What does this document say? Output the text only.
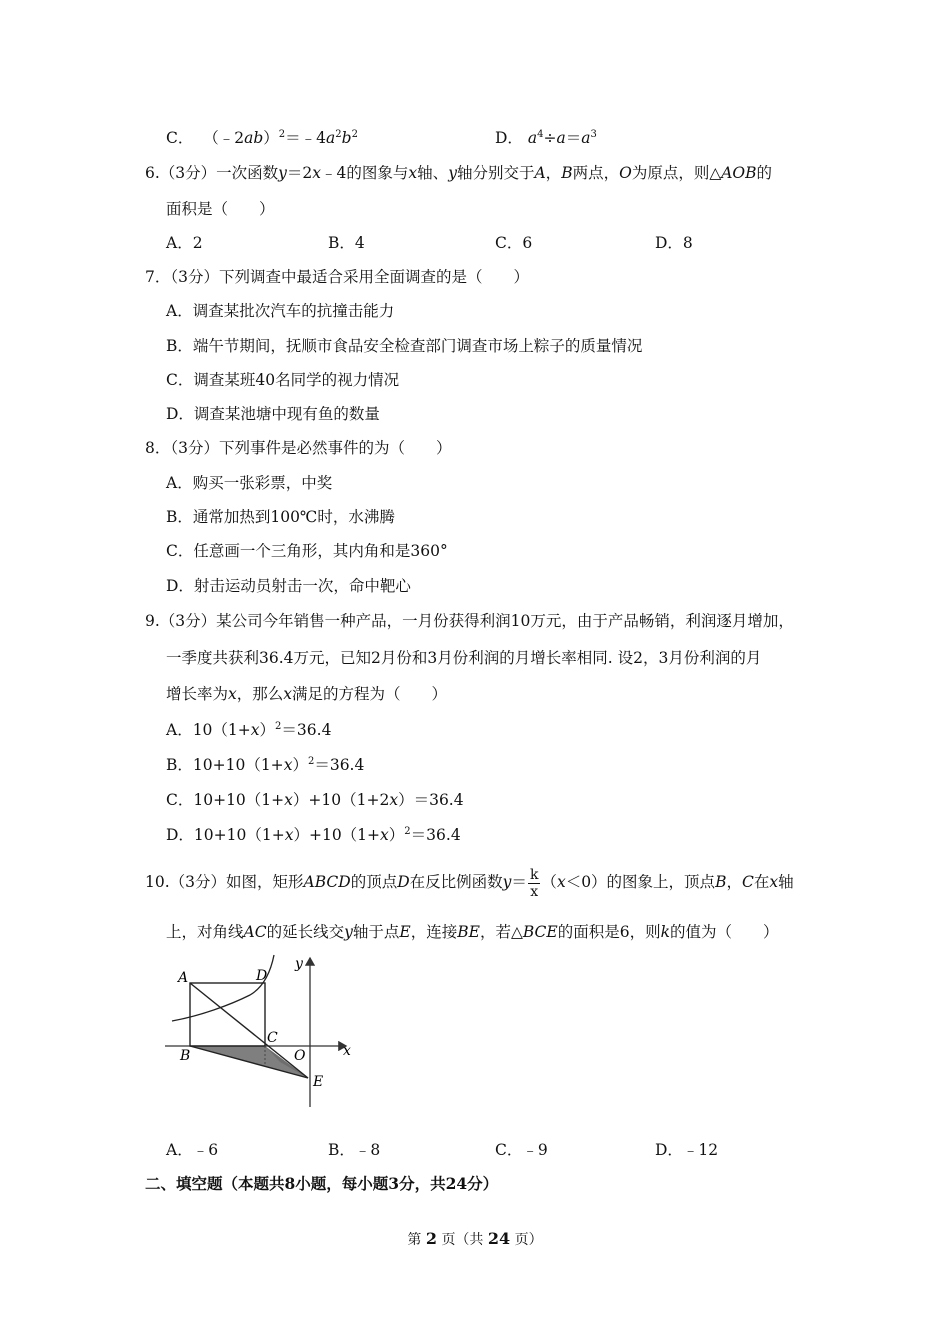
C． $(﹣2ab)^2=﹣4a^2b^2$	D． $a^4\div a=a^3$
6.（3分）一次函数y＝2x﹣4的图象与x轴、y轴分别交于A，B两点，O为原点，则△AOB的
面积是（　　）
A．2	B．4	C．6	D．8
7．（3分）下列调查中最适合采用全面调查的是（　　）
A．调查某批次汽车的抗撞击能力
B．端午节期间，抚顺市食品安全检查部门调查市场上粽子的质量情况
C．调查某班40名同学的视力情况
D．调查某池塘中现有鱼的数量
8．（3分）下列事件是必然事件的为（　　）
A．购买一张彩票，中奖
B．通常加热到100℃时，水沸腾
C．任意画一个三角形，其内角和是360°
D．射击运动员射击一次，命中靶心
9.（3分）某公司今年销售一种产品，一月份获得利润10万元，由于产品畅销，利润逐月增加，
一季度共获利36.4万元，已知2月份和3月份利润的月增长率相同. 设2，3月份利润的月
增长率为x，那么x满足的方程为（　　）
A．$10(1+x)^2=36.4$
B．$10+10(1+x)^2=36.4$
C．10+10（1+x）+10（1+2x）＝36.4
D．$10+10(1+x)+10(1+x)^2=36.4$
10.（3分）如图，矩形ABCD的顶点D在反比例函数$y= \frac{k}{x} (x<0)$的图象上，顶点B，C在x轴
上，对角线AC的延长线交y轴于点E，连接BE，若△BCE的面积是6，则k的值为（　　）
A	D
y
C
B	O	x
E
A．﹣6	B．﹣8	C．﹣9	D．﹣12
二、填空题（本题共8小题，每小题3分，共24分）
第 2 页（共 24 页）
